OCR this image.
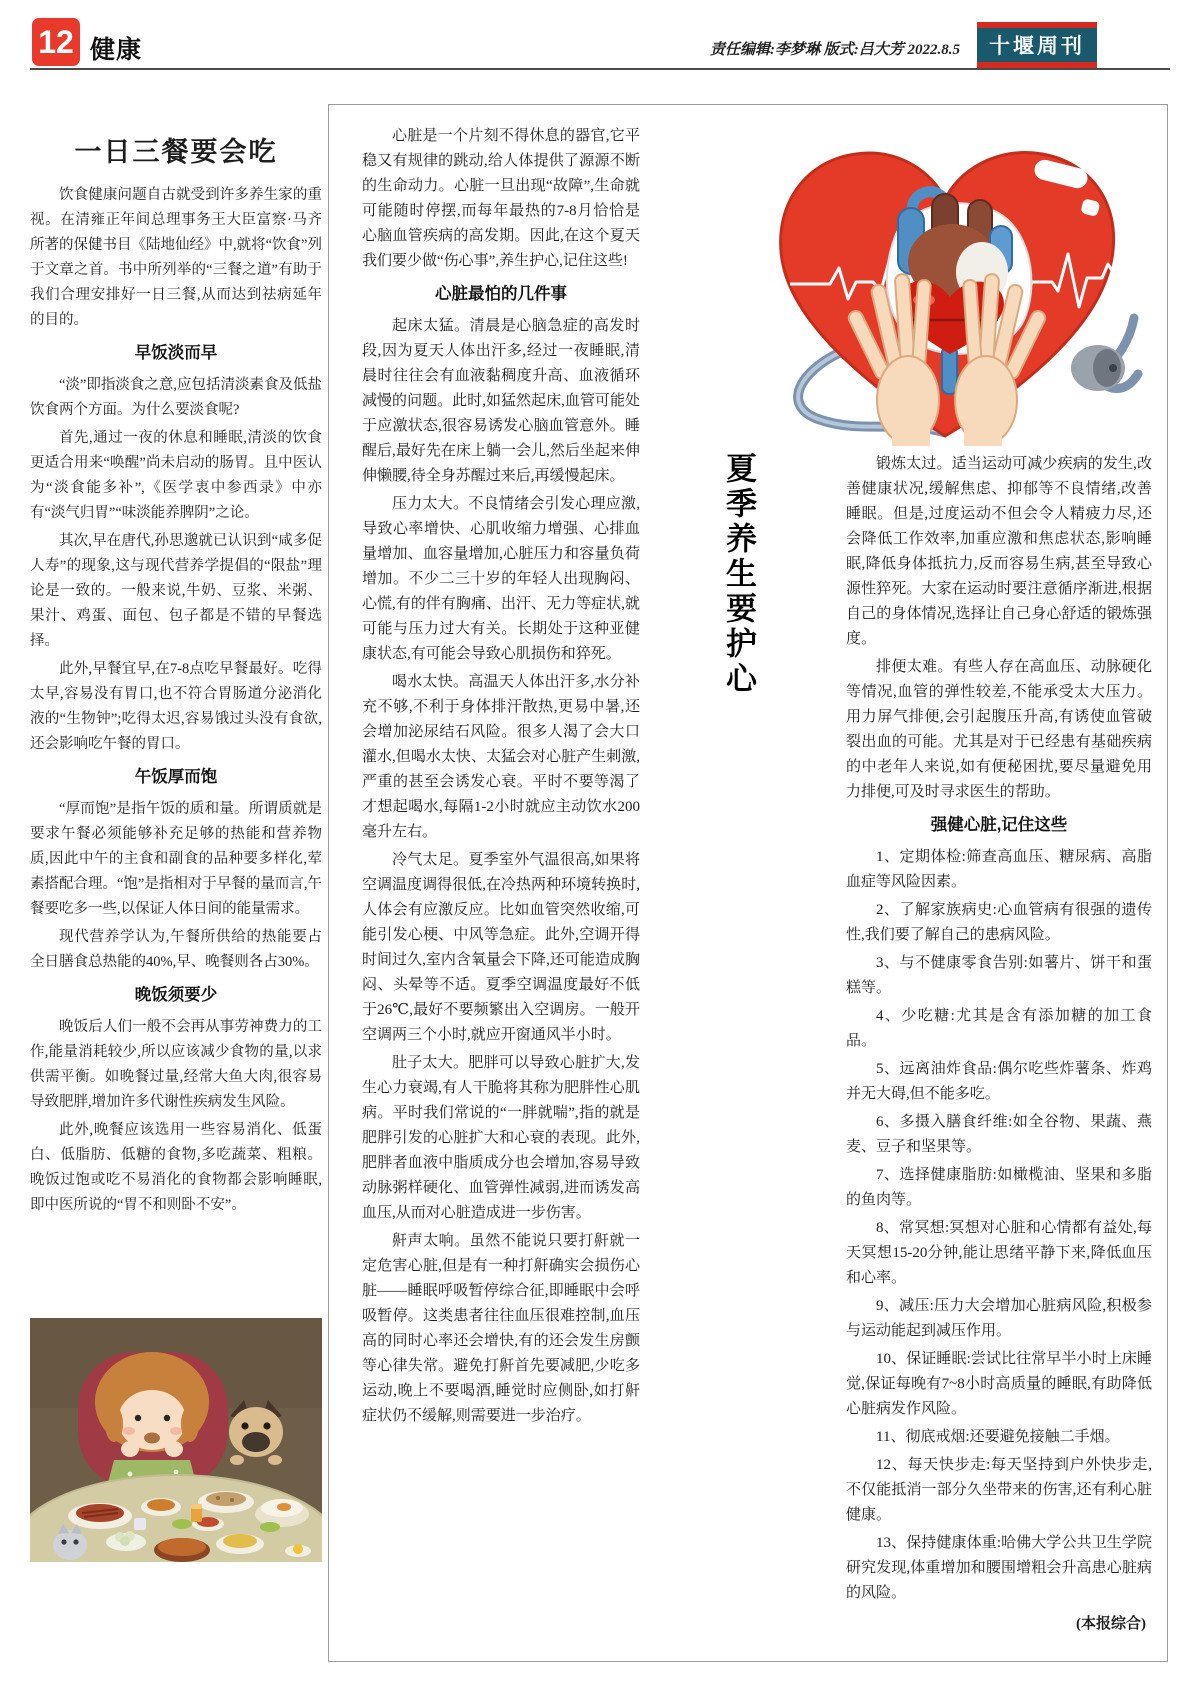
12 健康	责任编辑:李梦琳 版式:吕大芳 2022.8.5	十堰周刊
一日三餐要会吃

饮食健康问题自古就受到许多养生家的重视。在清雍正年间总理事务王大臣富察·马齐所著的保健书目《陆地仙经》中,就将“饮食”列于文章之首。书中所列举的“三餐之道”有助于我们合理安排好一日三餐,从而达到祛病延年的目的。

早饭淡而早

“淡”即指淡食之意,应包括清淡素食及低盐饮食两个方面。为什么要淡食呢?

首先,通过一夜的休息和睡眠,清淡的饮食更适合用来“唤醒”尚未启动的肠胃。且中医认为“淡食能多补”,《医学衷中参西录》中亦有“淡气归胃”“味淡能养脾阴”之论。

其次,早在唐代,孙思邈就已认识到“咸多促人寿”的现象,这与现代营养学提倡的“限盐”理论是一致的。一般来说,牛奶、豆浆、米粥、果汁、鸡蛋、面包、包子都是不错的早餐选择。

此外,早餐宜早,在7-8点吃早餐最好。吃得太早,容易没有胃口,也不符合胃肠道分泌消化液的“生物钟”;吃得太迟,容易饿过头没有食欲,还会影响吃午餐的胃口。

午饭厚而饱

“厚而饱”是指午饭的质和量。所谓质就是要求午餐必须能够补充足够的热能和营养物质,因此中午的主食和副食的品种要多样化,荤素搭配合理。“饱”是指相对于早餐的量而言,午餐要吃多一些,以保证人体日间的能量需求。

现代营养学认为,午餐所供给的热能要占全日膳食总热能的40%,早、晚餐则各占30%。

晚饭须要少

晚饭后人们一般不会再从事劳神费力的工作,能量消耗较少,所以应该减少食物的量,以求供需平衡。如晚餐过量,经常大鱼大肉,很容易导致肥胖,增加许多代谢性疾病发生风险。

此外,晚餐应该选用一些容易消化、低蛋白、低脂肪、低糖的食物,多吃蔬菜、粗粮。晚饭过饱或吃不易消化的食物都会影响睡眠,即中医所说的“胃不和则卧不安”。

心脏是一个片刻不得休息的器官,它平稳又有规律的跳动,给人体提供了源源不断的生命动力。心脏一旦出现“故障”,生命就可能随时停摆,而每年最热的7-8月恰恰是心脑血管疾病的高发期。因此,在这个夏天我们要少做“伤心事”,养生护心,记住这些!

心脏最怕的几件事

起床太猛。清晨是心脑急症的高发时段,因为夏天人体出汗多,经过一夜睡眠,清晨时往往会有血液黏稠度升高、血液循环减慢的问题。此时,如猛然起床,血管可能处于应激状态,很容易诱发心脑血管意外。睡醒后,最好先在床上躺一会儿,然后坐起来伸伸懒腰,待全身苏醒过来后,再缓慢起床。

压力太大。不良情绪会引发心理应激,导致心率增快、心肌收缩力增强、心排血量增加、血容量增加,心脏压力和容量负荷增加。不少二三十岁的年轻人出现胸闷、心慌,有的伴有胸痛、出汗、无力等症状,就可能与压力过大有关。长期处于这种亚健康状态,有可能会导致心肌损伤和猝死。

喝水太快。高温天人体出汗多,水分补充不够,不利于身体排汗散热,更易中暑,还会增加泌尿结石风险。很多人渴了会大口灌水,但喝水太快、太猛会对心脏产生刺激,严重的甚至会诱发心衰。平时不要等渴了才想起喝水,每隔1-2小时就应主动饮水200毫升左右。

冷气太足。夏季室外气温很高,如果将空调温度调得很低,在冷热两种环境转换时,人体会有应激反应。比如血管突然收缩,可能引发心梗、中风等急症。此外,空调开得时间过久,室内含氧量会下降,还可能造成胸闷、头晕等不适。夏季空调温度最好不低于26℃,最好不要频繁出入空调房。一般开空调两三个小时,就应开窗通风半小时。

肚子太大。肥胖可以导致心脏扩大,发生心力衰竭,有人干脆将其称为肥胖性心肌病。平时我们常说的“一胖就喘”,指的就是肥胖引发的心脏扩大和心衰的表现。此外,肥胖者血液中脂质成分也会增加,容易导致动脉粥样硬化、血管弹性减弱,进而诱发高血压,从而对心脏造成进一步伤害。

鼾声太响。虽然不能说只要打鼾就一定危害心脏,但是有一种打鼾确实会损伤心脏——睡眠呼吸暂停综合征,即睡眠中会呼吸暂停。这类患者往往血压很难控制,血压高的同时心率还会增快,有的还会发生房颤等心律失常。避免打鼾首先要减肥,少吃多运动,晚上不要喝酒,睡觉时应侧卧,如打鼾症状仍不缓解,则需要进一步治疗。

夏季养生要护心	锻炼太过。适当运动可减少疾病的发生,改善健康状况,缓解焦虑、抑郁等不良情绪,改善睡眠。但是,过度运动不但会令人精疲力尽,还会降低工作效率,加重应激和焦虑状态,影响睡眠,降低身体抵抗力,反而容易生病,甚至导致心源性猝死。大家在运动时要注意循序渐进,根据自己的身体情况,选择让自己身心舒适的锻炼强度。

排便太难。有些人存在高血压、动脉硬化等情况,血管的弹性较差,不能承受太大压力。用力屏气排便,会引起腹压升高,有诱使血管破裂出血的可能。尤其是对于已经患有基础疾病的中老年人来说,如有便秘困扰,要尽量避免用力排便,可及时寻求医生的帮助。

强健心脏,记住这些

1、定期体检:筛查高血压、糖尿病、高脂血症等风险因素。

2、了解家族病史:心血管病有很强的遗传性,我们要了解自己的患病风险。

3、与不健康零食告别:如薯片、饼干和蛋糕等。

4、少吃糖:尤其是含有添加糖的加工食品。

5、远离油炸食品:偶尔吃些炸薯条、炸鸡并无大碍,但不能多吃。

6、多摄入膳食纤维:如全谷物、果蔬、燕麦、豆子和坚果等。

7、选择健康脂肪:如橄榄油、坚果和多脂的鱼肉等。

8、常冥想:冥想对心脏和心情都有益处,每天冥想15-20分钟,能让思绪平静下来,降低血压和心率。

9、减压:压力大会增加心脏病风险,积极参与运动能起到减压作用。

10、保证睡眠:尝试比往常早半小时上床睡觉,保证每晚有7~8小时高质量的睡眠,有助降低心脏病发作风险。

11、彻底戒烟:还要避免接触二手烟。

12、每天快步走:每天坚持到户外快步走,不仅能抵消一部分久坐带来的伤害,还有利心脏健康。

13、保持健康体重:哈佛大学公共卫生学院研究发现,体重增加和腰围增粗会升高患心脏病的风险。

(本报综合)
